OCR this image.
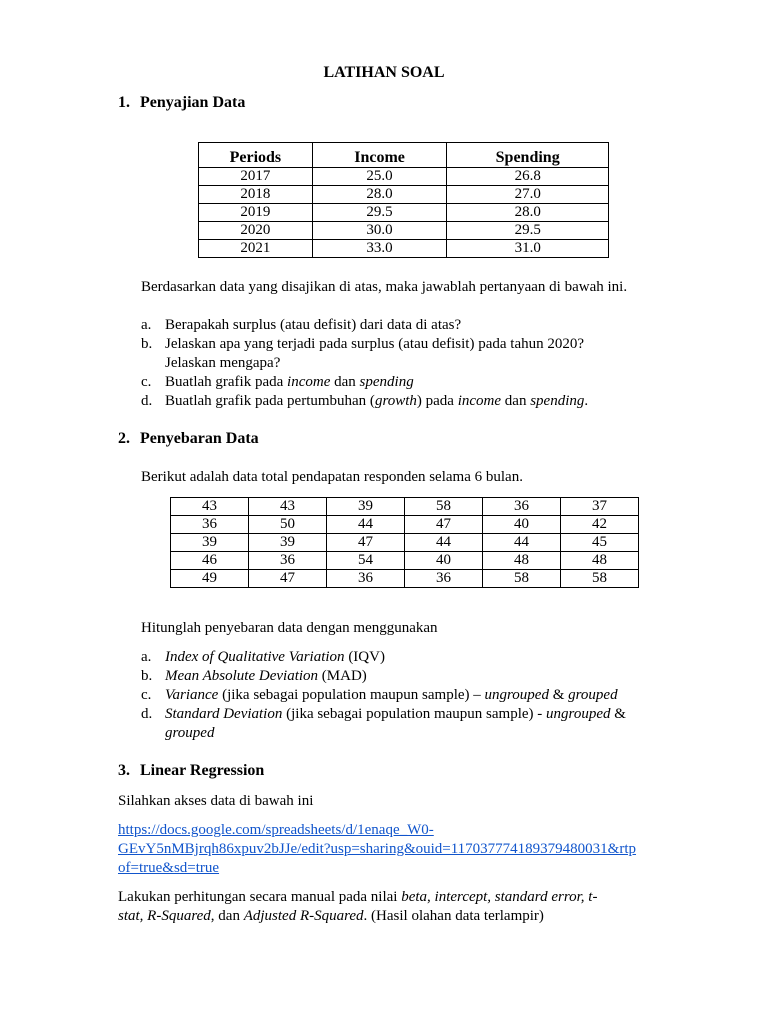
LATIHAN SOAL
1. Penyajian Data
Periods	Income	Spending
2017	25.0	26.8
2018	28.0	27.0
2019	29.5	28.0
2020	30.0	29.5
2021	33.0	31.0
Berdasarkan data yang disajikan di atas, maka jawablah pertanyaan di bawah ini.
a. Berapakah surplus (atau defisit) dari data di atas?
b. Jelaskan apa yang terjadi pada surplus (atau defisit) pada tahun 2020?
Jelaskan mengapa?
c. Buatlah grafik pada income dan spending
d. Buatlah grafik pada pertumbuhan (growth) pada income dan spending.
2. Penyebaran Data
Berikut adalah data total pendapatan responden selama 6 bulan.
43	43	39	58	36	37
36	50	44	47	40	42
39	39	47	44	44	45
46	36	54	40	48	48
49	47	36	36	58	58
Hitunglah penyebaran data dengan menggunakan
a. Index of Qualitative Variation (IQV)
b. Mean Absolute Deviation (MAD)
c. Variance (jika sebagai population maupun sample) – ungrouped & grouped
d. Standard Deviation (jika sebagai population maupun sample) - ungrouped &
grouped
3. Linear Regression
Silahkan akses data di bawah ini
https://docs.google.com/spreadsheets/d/1enaqe_W0-
GEvY5nMBjrqh86xpuv2bJJe/edit?usp=sharing&ouid=117037774189379480031&rtp
of=true&sd=true
Lakukan perhitungan secara manual pada nilai beta, intercept, standard error, t-
stat, R-Squared, dan Adjusted R-Squared. (Hasil olahan data terlampir)
